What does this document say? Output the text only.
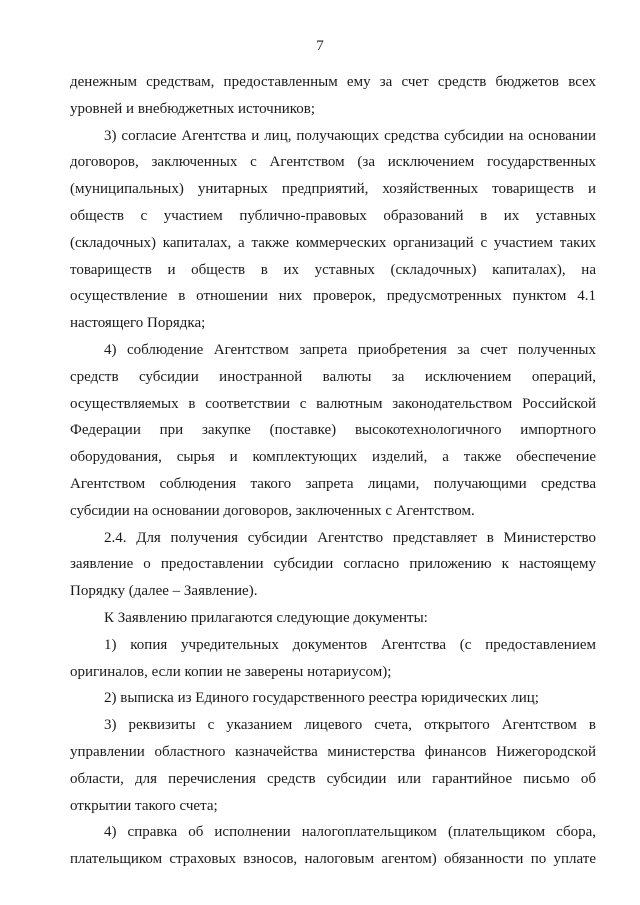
7
денежным средствам, предоставленным ему за счет средств бюджетов всех
уровней и внебюджетных источников;
3) согласие Агентства и лиц, получающих средства субсидии на основании
договоров, заключенных с Агентством (за исключением государственных
(муниципальных) унитарных предприятий, хозяйственных товариществ и
обществ с участием публично-правовых образований в их уставных
(складочных) капиталах, а также коммерческих организаций с участием таких
товариществ и обществ в их уставных (складочных) капиталах), на
осуществление в отношении них проверок, предусмотренных пунктом 4.1
настоящего Порядка;
4) соблюдение Агентством запрета приобретения за счет полученных
средств субсидии иностранной валюты за исключением операций,
осуществляемых в соответствии с валютным законодательством Российской
Федерации при закупке (поставке) высокотехнологичного импортного
оборудования, сырья и комплектующих изделий, а также обеспечение
Агентством соблюдения такого запрета лицами, получающими средства
субсидии на основании договоров, заключенных с Агентством.
2.4. Для получения субсидии Агентство представляет в Министерство
заявление о предоставлении субсидии согласно приложению к настоящему
Порядку (далее – Заявление).
К Заявлению прилагаются следующие документы:
1) копия учредительных документов Агентства (с предоставлением
оригиналов, если копии не заверены нотариусом);
2) выписка из Единого государственного реестра юридических лиц;
3) реквизиты с указанием лицевого счета, открытого Агентством в
управлении областного казначейства министерства финансов Нижегородской
области, для перечисления средств субсидии или гарантийное письмо об
открытии такого счета;
4) справка об исполнении налогоплательщиком (плательщиком сбора,
плательщиком страховых взносов, налоговым агентом) обязанности по уплате
